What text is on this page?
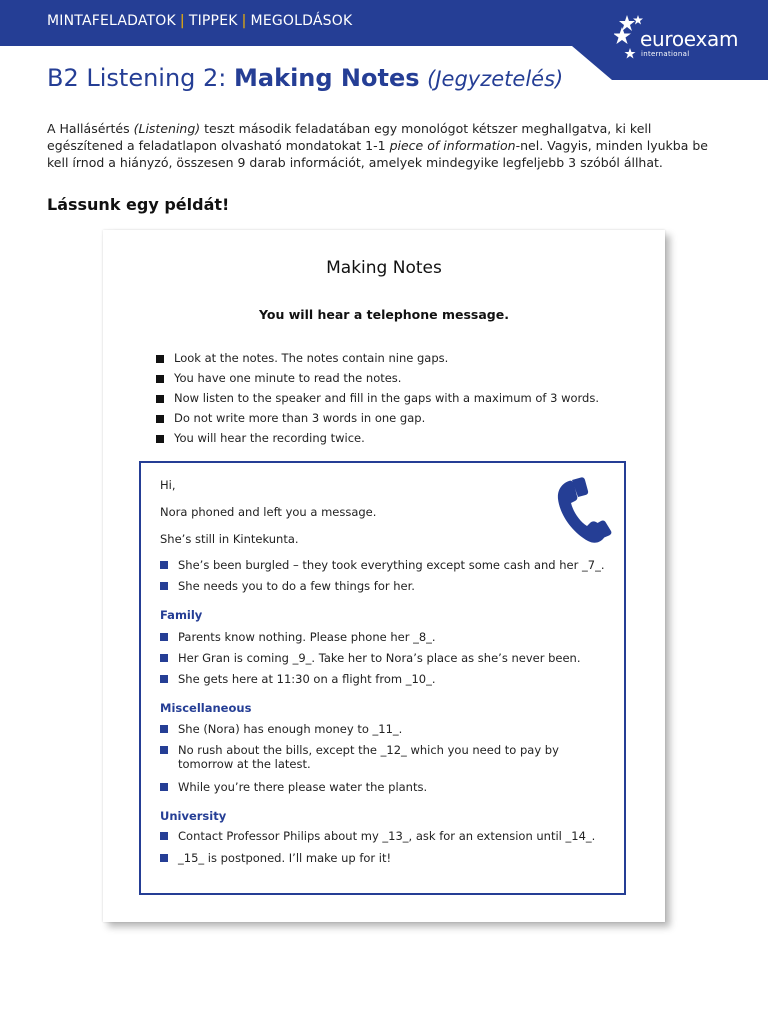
MINTAFELADATOK | TIPPEK | MEGOLDÁSOK
euroexam
international
B2 Listening 2: Making Notes (Jegyzetelés)
A Hallásértés (Listening) teszt második feladatában egy monológot kétszer meghallgatva, ki kell egészítened a feladatlapon olvasható mondatokat 1-1 piece of information-nel. Vagyis, minden lyukba be kell írnod a hiányzó, összesen 9 darab információt, amelyek mindegyike legfeljebb 3 szóból állhat.
Lássunk egy példát!
Making Notes
You will hear a telephone message.
Look at the notes. The notes contain nine gaps.
You have one minute to read the notes.
Now listen to the speaker and fill in the gaps with a maximum of 3 words.
Do not write more than 3 words in one gap.
You will hear the recording twice.
Hi,
Nora phoned and left you a message.
She’s still in Kintekunta.
She’s been burgled – they took everything except some cash and her _7_.
She needs you to do a few things for her.
Family
Parents know nothing. Please phone her _8_.
Her Gran is coming _9_. Take her to Nora’s place as she’s never been.
She gets here at 11:30 on a flight from _10_.
Miscellaneous
She (Nora) has enough money to _11_.
No rush about the bills, except the _12_ which you need to pay by tomorrow at the latest.
While you’re there please water the plants.
University
Contact Professor Philips about my _13_, ask for an extension until _14_.
_15_ is postponed. I’ll make up for it!
